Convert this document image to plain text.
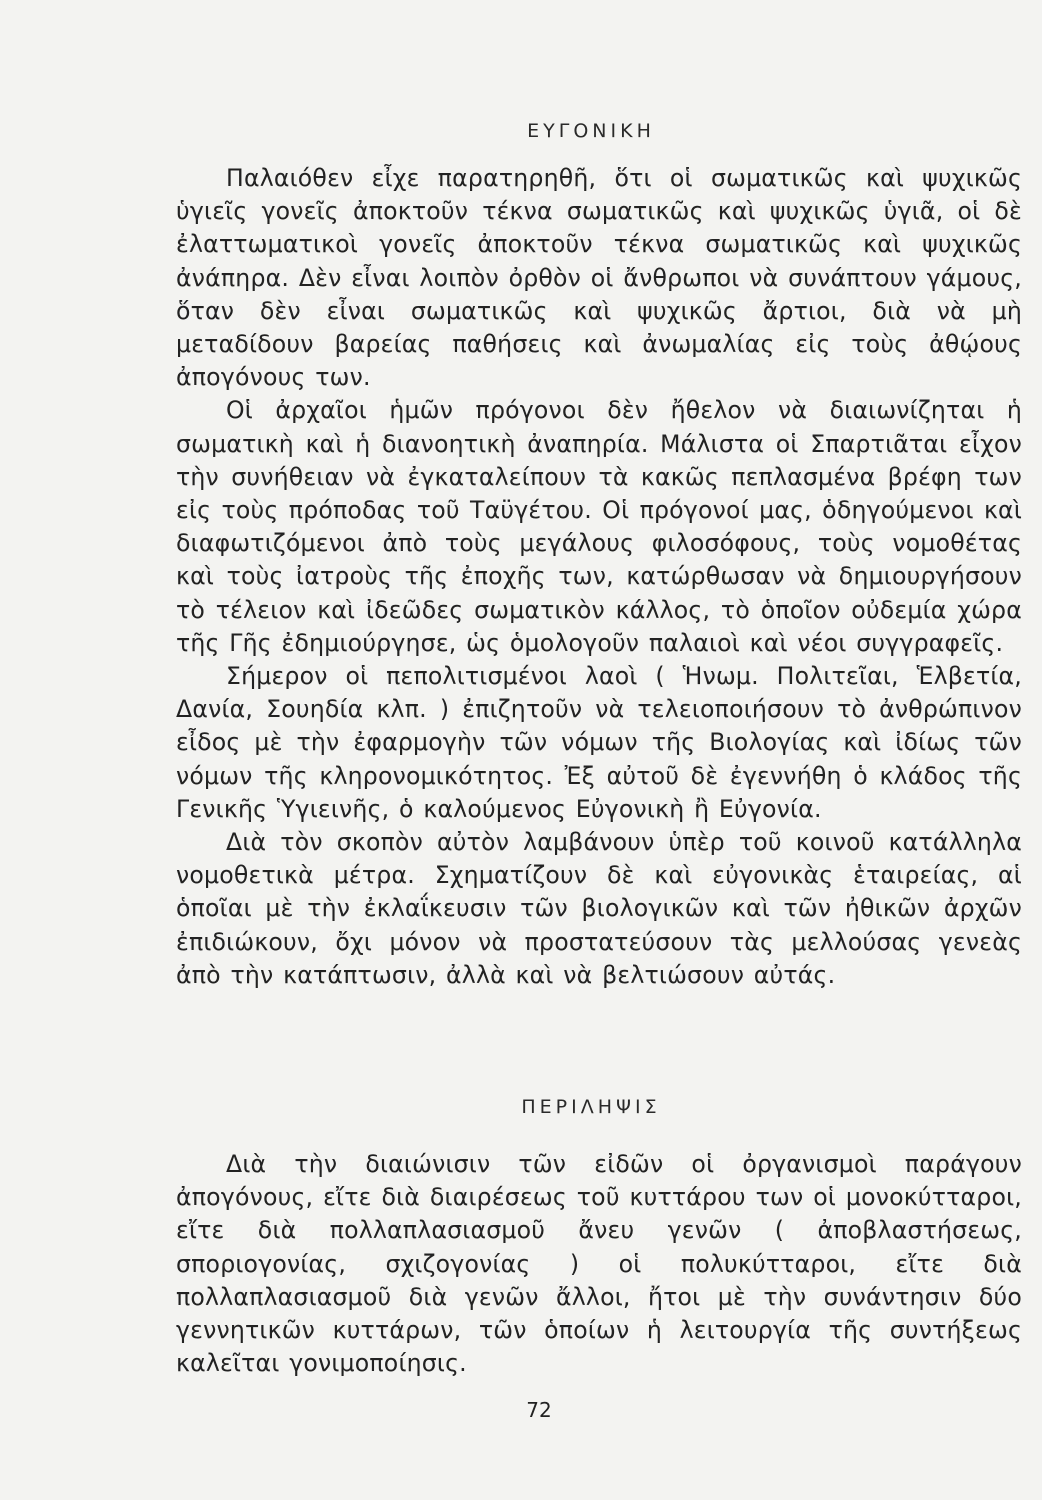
ΕΥΓΟΝΙΚΗ

Παλαιόθεν εἶχε παρατηρηθῆ, ὅτι οἱ σωματικῶς καὶ ψυχικῶς ὑγιεῖς γονεῖς ἀποκτοῦν τέκνα σωματικῶς καὶ ψυχικῶς ὑγιᾶ, οἱ δὲ ἐλαττωματικοὶ γονεῖς ἀποκτοῦν τέκνα σωματικῶς καὶ ψυχικῶς ἀνάπηρα. Δὲν εἶναι λοιπὸν ὀρθὸν οἱ ἄνθρωποι νὰ συνάπτουν γάμους, ὅταν δὲν εἶναι σωματικῶς καὶ ψυχικῶς ἄρτιοι, διὰ νὰ μὴ μεταδίδουν βαρείας παθήσεις καὶ ἀνωμαλίας εἰς τοὺς ἀθῴους ἀπογόνους των.

Οἱ ἀρχαῖοι ἡμῶν πρόγονοι δὲν ἤθελον νὰ διαιωνίζηται ἡ σωματικὴ καὶ ἡ διανοητικὴ ἀναπηρία. Μάλιστα οἱ Σπαρτιᾶται εἶχον τὴν συνήθειαν νὰ ἐγκαταλείπουν τὰ κακῶς πεπλασμένα βρέφη των εἰς τοὺς πρόποδας τοῦ Ταϋγέτου. Οἱ πρόγονοί μας, ὁδηγούμενοι καὶ διαφωτιζόμενοι ἀπὸ τοὺς μεγάλους φιλοσόφους, τοὺς νομοθέτας καὶ τοὺς ἰατροὺς τῆς ἐποχῆς των, κατώρθωσαν νὰ δημιουργήσουν τὸ τέλειον καὶ ἰδεῶδες σωματικὸν κάλλος, τὸ ὁποῖον οὐδεμία χώρα τῆς Γῆς ἐδημιούργησε, ὡς ὁμολογοῦν παλαιοὶ καὶ νέοι συγγραφεῖς.

Σήμερον οἱ πεπολιτισμένοι λαοὶ ( Ἡνωμ. Πολιτεῖαι, Ἑλβετία, Δανία, Σουηδία κλπ. ) ἐπιζητοῦν νὰ τελειοποιήσουν τὸ ἀνθρώπινον εἶδος μὲ τὴν ἐφαρμογὴν τῶν νόμων τῆς Βιολογίας καὶ ἰδίως τῶν νόμων τῆς κληρονομικότητος. Ἐξ αὐτοῦ δὲ ἐγεννήθη ὁ κλάδος τῆς Γενικῆς Ὑγιεινῆς, ὁ καλούμενος Εὐγονικὴ ἢ Εὐγονία.

Διὰ τὸν σκοπὸν αὐτὸν λαμβάνουν ὑπὲρ τοῦ κοινοῦ κατάλληλα νομοθετικὰ μέτρα. Σχηματίζουν δὲ καὶ εὐγονικὰς ἑταιρείας, αἱ ὁποῖαι μὲ τὴν ἐκλαΐκευσιν τῶν βιολογικῶν καὶ τῶν ἠθικῶν ἀρχῶν ἐπιδιώκουν, ὄχι μόνον νὰ προστατεύσουν τὰς μελλούσας γενεὰς ἀπὸ τὴν κατάπτωσιν, ἀλλὰ καὶ νὰ βελτιώσουν αὐτάς.

ΠΕΡΙΛΗΨΙΣ

Διὰ τὴν διαιώνισιν τῶν εἰδῶν οἱ ὀργανισμοὶ παράγουν ἀπογόνους, εἴτε διὰ διαιρέσεως τοῦ κυττάρου των οἱ μονοκύτταροι, εἴτε διὰ πολλαπλασιασμοῦ ἄνευ γενῶν ( ἀποβλαστήσεως, σποριογονίας, σχιζογονίας ) οἱ πολυκύτταροι, εἴτε διὰ πολλαπλασιασμοῦ διὰ γενῶν ἄλλοι, ἤτοι μὲ τὴν συνάντησιν δύο γεννητικῶν κυττάρων, τῶν ὁποίων ἡ λειτουργία τῆς συντήξεως καλεῖται γονιμοποίησις.

72
